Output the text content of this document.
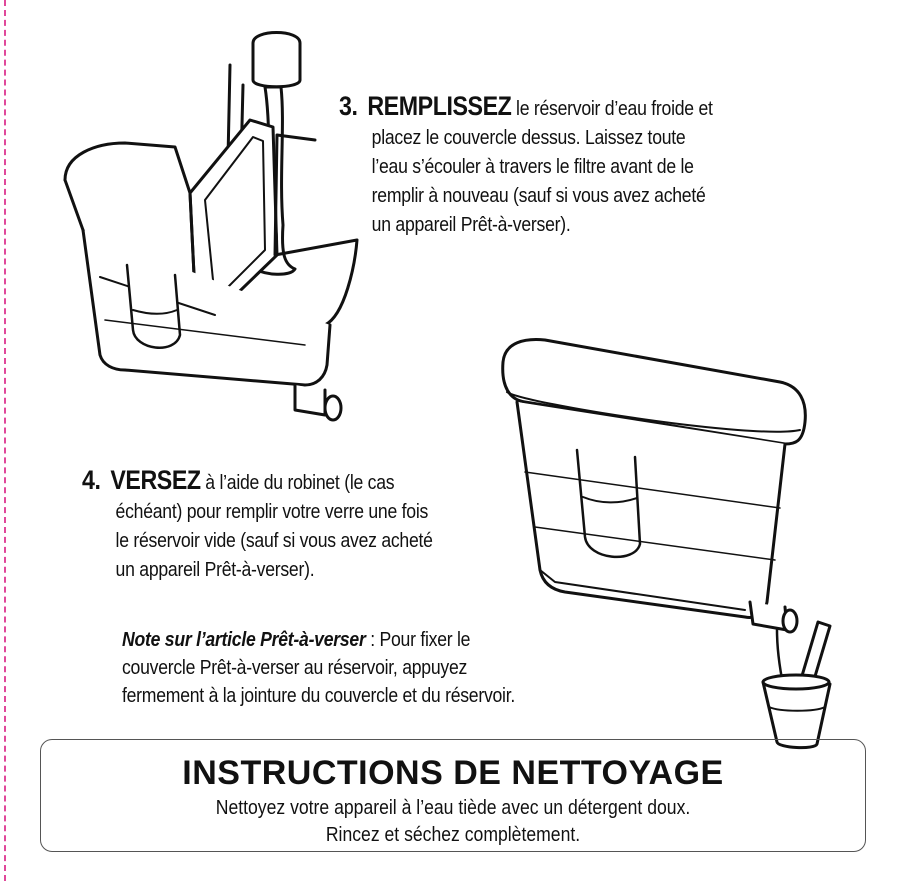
3. REMPLISSEZ le réservoir d’eau froide et
placez le couvercle dessus. Laissez toute
l’eau s’écouler à travers le filtre avant de le
remplir à nouveau (sauf si vous avez acheté
un appareil Prêt-à-verser).
4. VERSEZ à l’aide du robinet (le cas
échéant) pour remplir votre verre une fois
le réservoir vide (sauf si vous avez acheté
un appareil Prêt-à-verser).
Note sur l’article Prêt-à-verser : Pour fixer le
couvercle Prêt-à-verser au réservoir, appuyez
fermement à la jointure du couvercle et du réservoir.
INSTRUCTIONS DE NETTOYAGE
Nettoyez votre appareil à l’eau tiède avec un détergent doux.
Rincez et séchez complètement.
